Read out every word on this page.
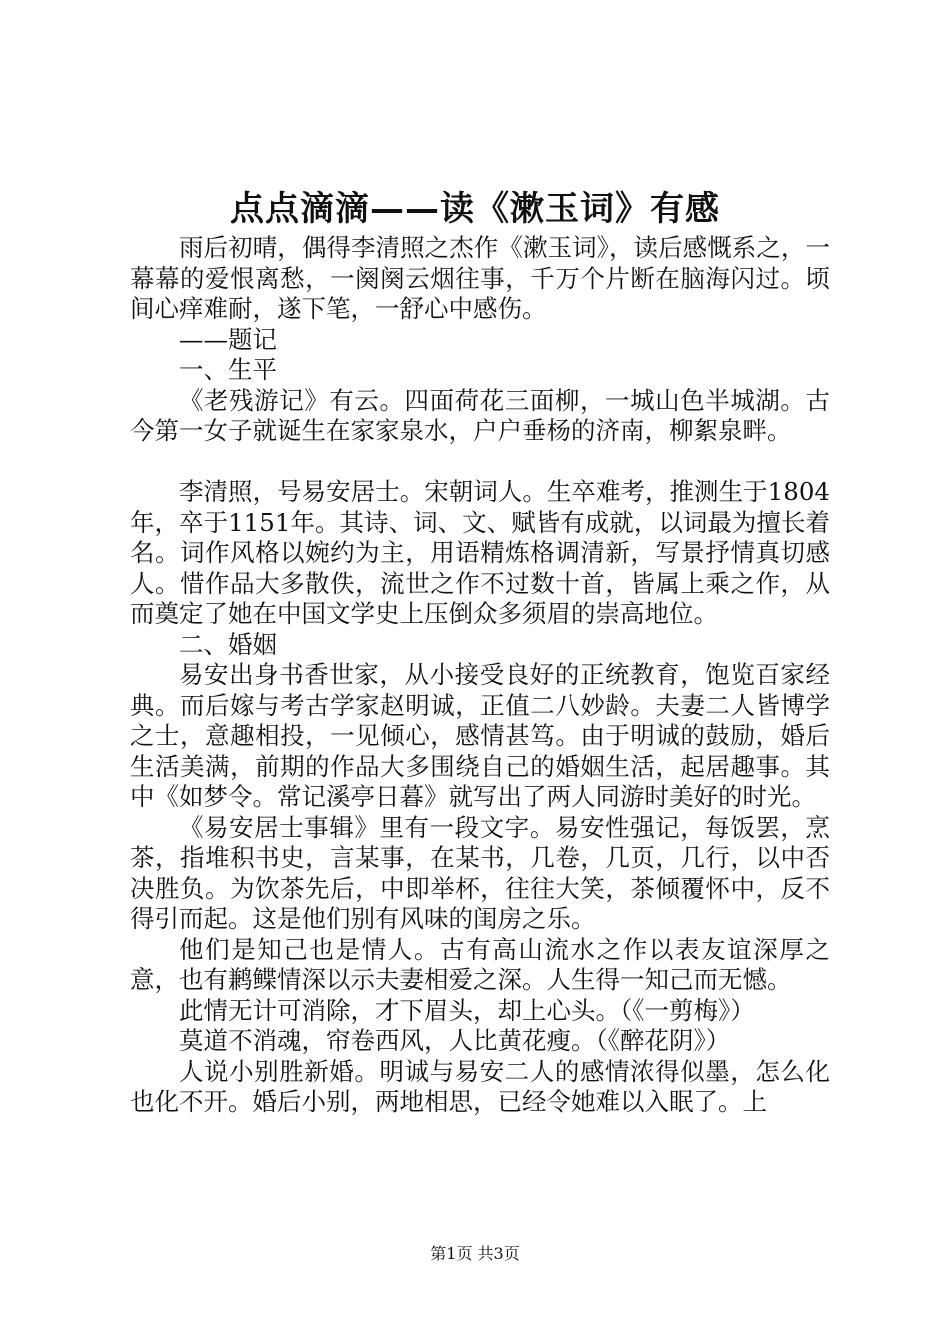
点点滴滴——读《漱玉词》有感

雨后初晴，偶得李清照之杰作《漱玉词》，读后感慨系之，一幕幕的爱恨离愁，一阕阕云烟往事，千万个片断在脑海闪过。顷间心痒难耐，遂下笔，一舒心中感伤。

——题记

一、生平

《老残游记》有云。四面荷花三面柳，一城山色半城湖。古今第一女子就诞生在家家泉水，户户垂杨的济南，柳絮泉畔。

李清照，号易安居士。宋朝词人。生卒难考，推测生于1804年，卒于1151年。其诗、词、文、赋皆有成就，以词最为擅长着名。词作风格以婉约为主，用语精炼格调清新，写景抒情真切感人。惜作品大多散佚，流世之作不过数十首，皆属上乘之作，从而奠定了她在中国文学史上压倒众多须眉的崇高地位。

二、婚姻

易安出身书香世家，从小接受良好的正统教育，饱览百家经典。而后嫁与考古学家赵明诚，正值二八妙龄。夫妻二人皆博学之士，意趣相投，一见倾心，感情甚笃。由于明诚的鼓励，婚后生活美满，前期的作品大多围绕自己的婚姻生活，起居趣事。其中《如梦令。常记溪亭日暮》就写出了两人同游时美好的时光。

《易安居士事辑》里有一段文字。易安性强记，每饭罢，烹茶，指堆积书史，言某事，在某书，几卷，几页，几行，以中否决胜负。为饮茶先后，中即举杯，往往大笑，茶倾覆怀中，反不得引而起。这是他们别有风味的闺房之乐。

他们是知己也是情人。古有高山流水之作以表友谊深厚之意，也有鹣鲽情深以示夫妻相爱之深。人生得一知己而无憾。

此情无计可消除，才下眉头，却上心头。（《一剪梅》）

莫道不消魂，帘卷西风，人比黄花瘦。（《醉花阴》）

人说小别胜新婚。明诚与易安二人的感情浓得似墨，怎么化也化不开。婚后小别，两地相思，已经令她难以入眠了。上

第1页 共3页
